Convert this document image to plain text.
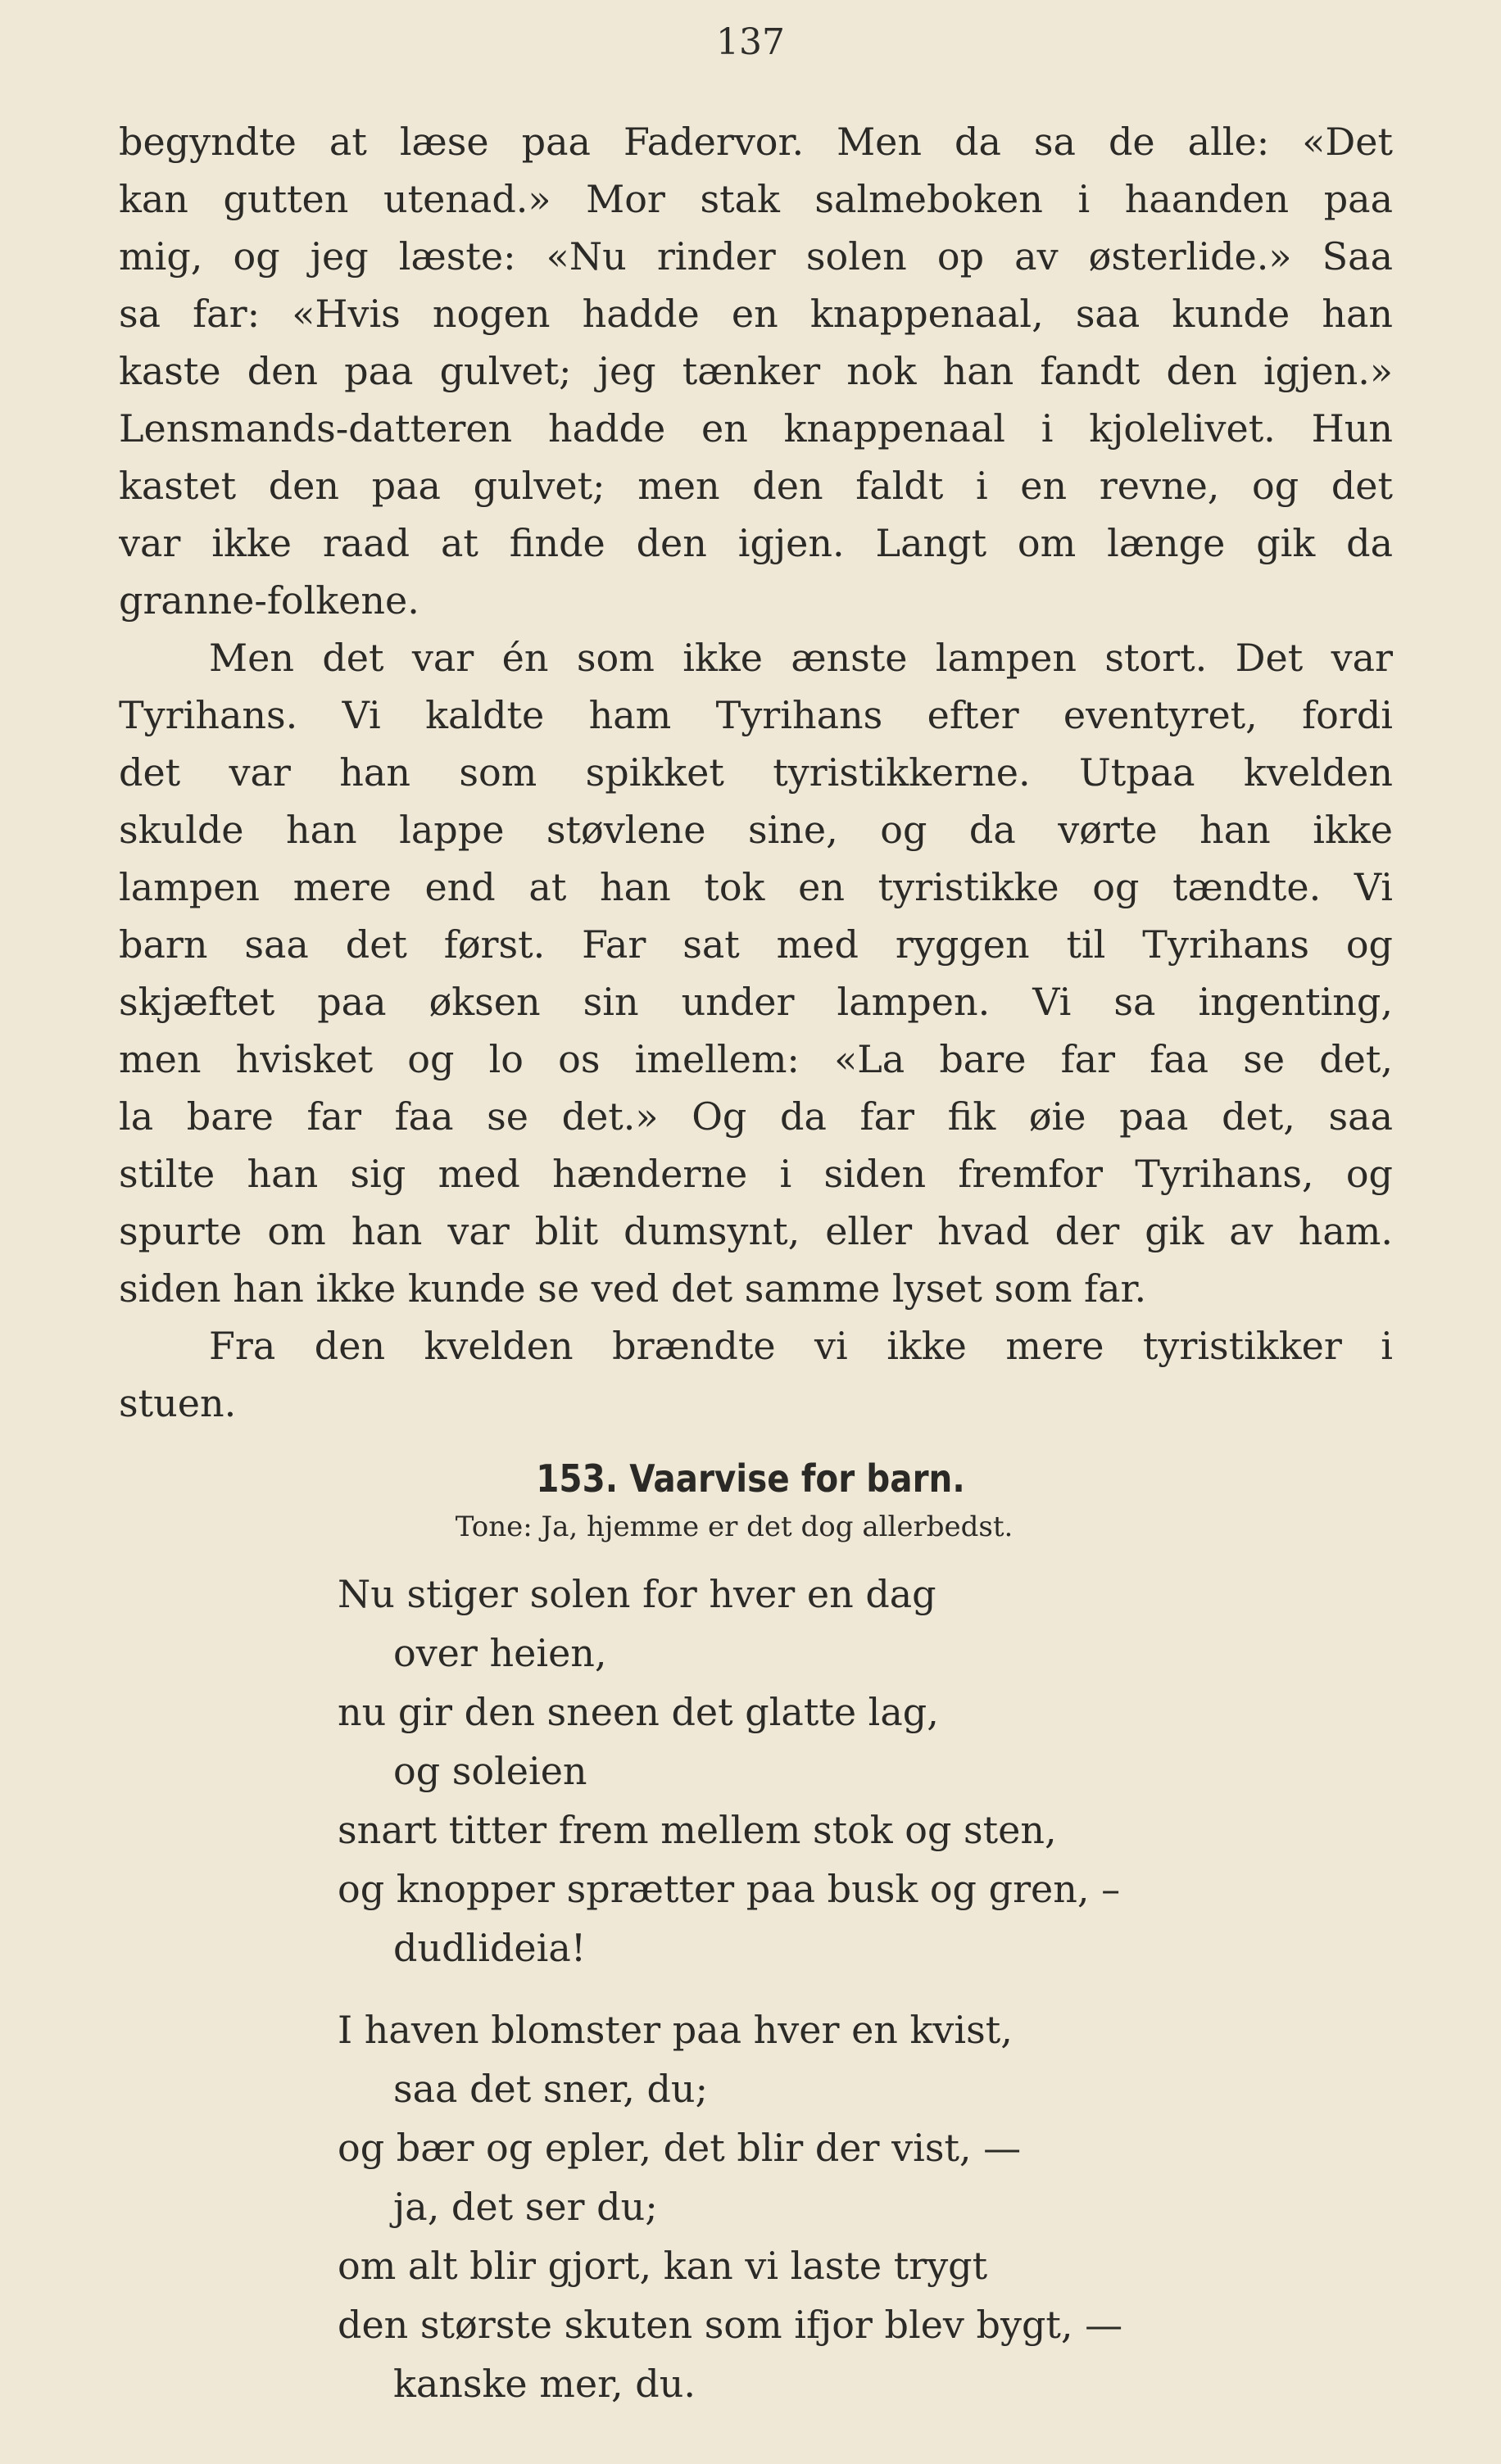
137
begyndte at læse paa Fadervor. Men da sa de alle: «Det
kan gutten utenad.» Mor stak salmeboken i haanden paa
mig, og jeg læste: «Nu rinder solen op av østerlide.» Saa
sa far: «Hvis nogen hadde en knappenaal, saa kunde han
kaste den paa gulvet; jeg tænker nok han fandt den igjen.»
Lensmands-datteren hadde en knappenaal i kjolelivet. Hun
kastet den paa gulvet; men den faldt i en revne, og det
var ikke raad at finde den igjen. Langt om længe gik da
granne-folkene.
Men det var én som ikke ænste lampen stort. Det var
Tyrihans. Vi kaldte ham Tyrihans efter eventyret, fordi
det var han som spikket tyristikkerne. Utpaa kvelden
skulde han lappe støvlene sine, og da vørte han ikke
lampen mere end at han tok en tyristikke og tændte. Vi
barn saa det først. Far sat med ryggen til Tyrihans og
skjæftet paa øksen sin under lampen. Vi sa ingenting,
men hvisket og lo os imellem: «La bare far faa se det,
la bare far faa se det.» Og da far fik øie paa det, saa
stilte han sig med hænderne i siden fremfor Tyrihans, og
spurte om han var blit dumsynt, eller hvad der gik av ham.
siden han ikke kunde se ved det samme lyset som far.
Fra den kvelden brændte vi ikke mere tyristikker i
stuen.
153. Vaarvise for barn.
Tone: Ja, hjemme er det dog allerbedst.
Nu stiger solen for hver en dag
over heien,
nu gir den sneen det glatte lag,
og soleien
snart titter frem mellem stok og sten,
og knopper sprætter paa busk og gren, –
dudlideia!
I haven blomster paa hver en kvist,
saa det sner, du;
og bær og epler, det blir der vist, —
ja, det ser du;
om alt blir gjort, kan vi laste trygt
den største skuten som ifjor blev bygt, —
kanske mer, du.
